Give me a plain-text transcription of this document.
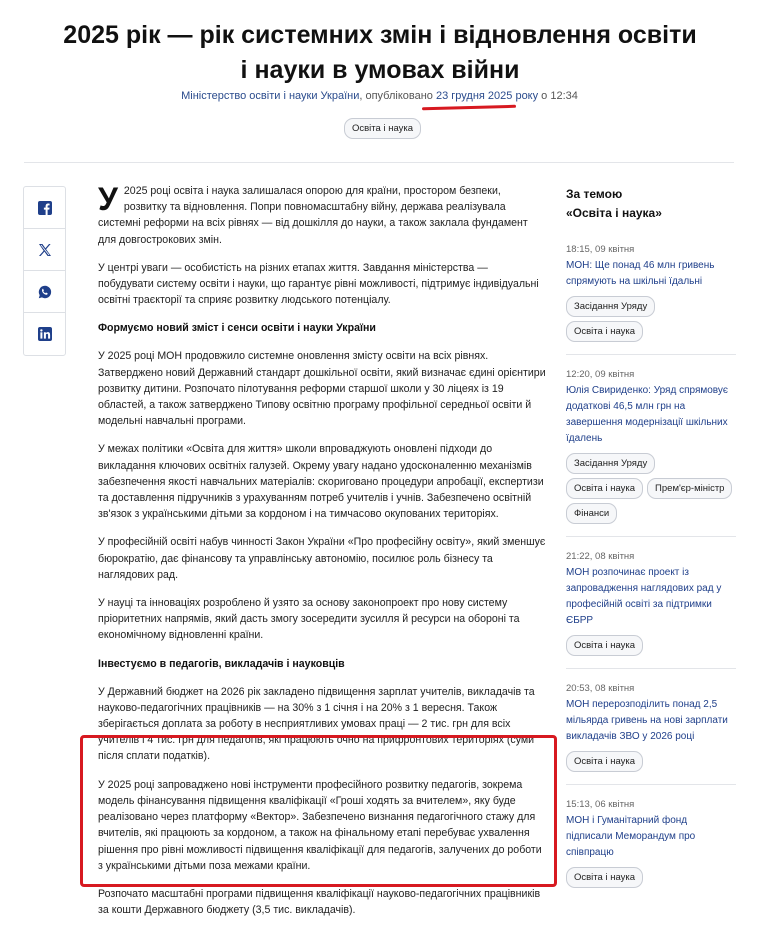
2025 рік — рік системних змін і відновлення освіти і науки в умовах війни
Міністерство освіти і науки України, опубліковано 23 грудня 2025 року о 12:34
Освіта і наука

У 2025 році освіта і наука залишалася опорою для країни, простором безпеки, розвитку та відновлення. Попри повномасштабну війну, держава реалізувала системні реформи на всіх рівнях — від дошкілля до науки, а також заклала фундамент для довгострокових змін.

У центрі уваги — особистість на різних етапах життя. Завдання міністерства — побудувати систему освіти і науки, що гарантує рівні можливості, підтримує індивідуальні освітні траєкторії та сприяє розвитку людського потенціалу.

Формуємо новий зміст і сенси освіти і науки України

У 2025 році МОН продовжило системне оновлення змісту освіти на всіх рівнях. Затверджено новий Державний стандарт дошкільної освіти, який визначає єдині орієнтири розвитку дитини. Розпочато пілотування реформи старшої школи у 30 ліцеях із 19 областей, а також затверджено Типову освітню програму профільної середньої освіти й модельні навчальні програми.

У межах політики «Освіта для життя» школи впроваджують оновлені підходи до викладання ключових освітніх галузей. Окрему увагу надано удосконаленню механізмів забезпечення якості навчальних матеріалів: скориговано процедури апробації, експертизи та доставлення підручників з урахуванням потреб учителів і учнів. Забезпечено освітній зв'язок з українськими дітьми за кордоном і на тимчасово окупованих територіях.

У професійній освіті набув чинності Закон України «Про професійну освіту», який зменшує бюрократію, дає фінансову та управлінську автономію, посилює роль бізнесу та наглядових рад.

У науці та інноваціях розроблено й узято за основу законопроект про нову систему пріоритетних напрямів, який дасть змогу зосередити зусилля й ресурси на обороні та економічному відновленні країни.

Інвестуємо в педагогів, викладачів і науковців

У Державний бюджет на 2026 рік закладено підвищення зарплат учителів, викладачів та науково-педагогічних працівників — на 30% з 1 січня і на 20% з 1 вересня. Також зберігається доплата за роботу в несприятливих умовах праці — 2 тис. грн для всіх учителів і 4 тис. грн для педагогів, які працюють очно на прифронтових територіях (суми після сплати податків).

У 2025 році запроваджено нові інструменти професійного розвитку педагогів, зокрема модель фінансування підвищення кваліфікації «Гроші ходять за вчителем», яку буде реалізовано через платформу «Вектор». Забезпечено визнання педагогічного стажу для вчителів, які працюють за кордоном, а також на фінальному етапі перебуває ухвалення рішення про рівні можливості підвищення кваліфікації для педагогів, залучених до роботи з українськими дітьми поза межами країни.

Розпочато масштабні програми підвищення кваліфікації науково-педагогічних працівників за кошти Державного бюджету (3,5 тис. викладачів).

За темою
«Освіта і наука»
18:15, 09 квітня
МОН: Ще понад 46 млн гривень спрямують на шкільні їдальні
Засідання Уряду
Освіта і наука
12:20, 09 квітня
Юлія Свириденко: Уряд спрямовує додаткові 46,5 млн грн на завершення модернізації шкільних їдалень
Засідання Уряду
Освіта і наука	Прем'єр-міністр
Фінанси
21:22, 08 квітня
МОН розпочинає проект із запровадження наглядових рад у професійній освіті за підтримки ЄБРР
Освіта і наука
20:53, 08 квітня
МОН перерозподілить понад 2,5 мільярда гривень на нові зарплати викладачів ЗВО у 2026 році
Освіта і наука
15:13, 06 квітня
МОН і Гуманітарний фонд підписали Меморандум про співпрацю
Освіта і наука
